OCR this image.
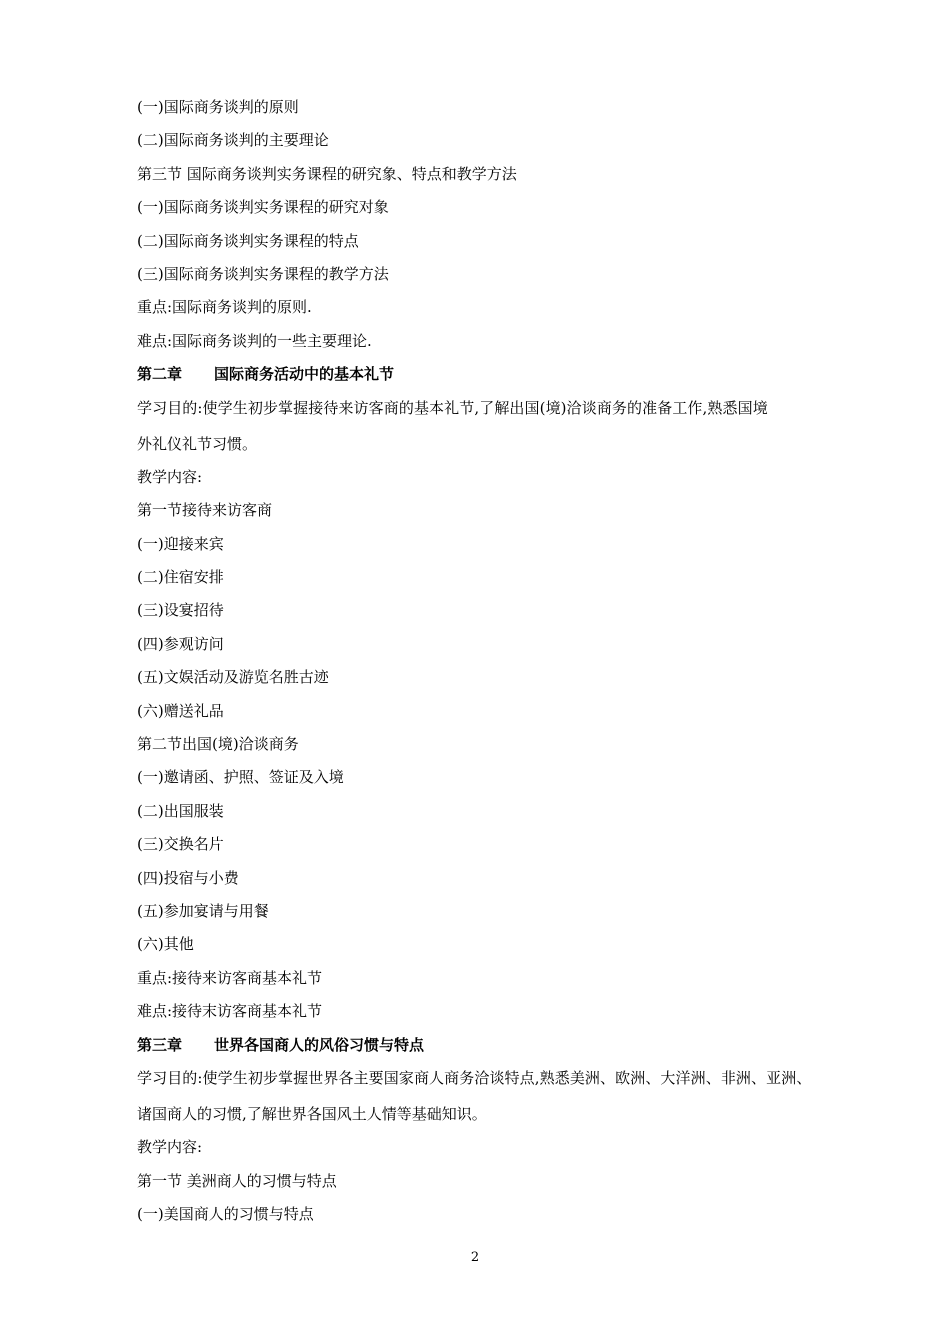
(一)国际商务谈判的原则
(二)国际商务谈判的主要理论
第三节 国际商务谈判实务课程的研究象、特点和教学方法
(一)国际商务谈判实务课程的研究对象
(二)国际商务谈判实务课程的特点
(三)国际商务谈判实务课程的教学方法
重点:国际商务谈判的原则.
难点:国际商务谈判的一些主要理论.
第二章 国际商务活动中的基本礼节
学习目的:使学生初步掌握接待来访客商的基本礼节,了解出国(境)洽谈商务的准备工作,熟悉国境
外礼仪礼节习惯。
教学内容:
第一节接待来访客商
(一)迎接来宾
(二)住宿安排
(三)设宴招待
(四)参观访问
(五)文娱活动及游览名胜古迹
(六)赠送礼品
第二节出国(境)洽谈商务
(一)邀请函、护照、签证及入境
(二)出国服装
(三)交换名片
(四)投宿与小费
(五)参加宴请与用餐
(六)其他
重点:接待来访客商基本礼节
难点:接待末访客商基本礼节
第三章 世界各国商人的风俗习惯与特点
学习目的:使学生初步掌握世界各主要国家商人商务洽谈特点,熟悉美洲、欧洲、大洋洲、非洲、亚洲、
诸国商人的习惯,了解世界各国风土人情等基础知识。
教学内容:
第一节 美洲商人的习惯与特点
(一)美国商人的习惯与特点
2
